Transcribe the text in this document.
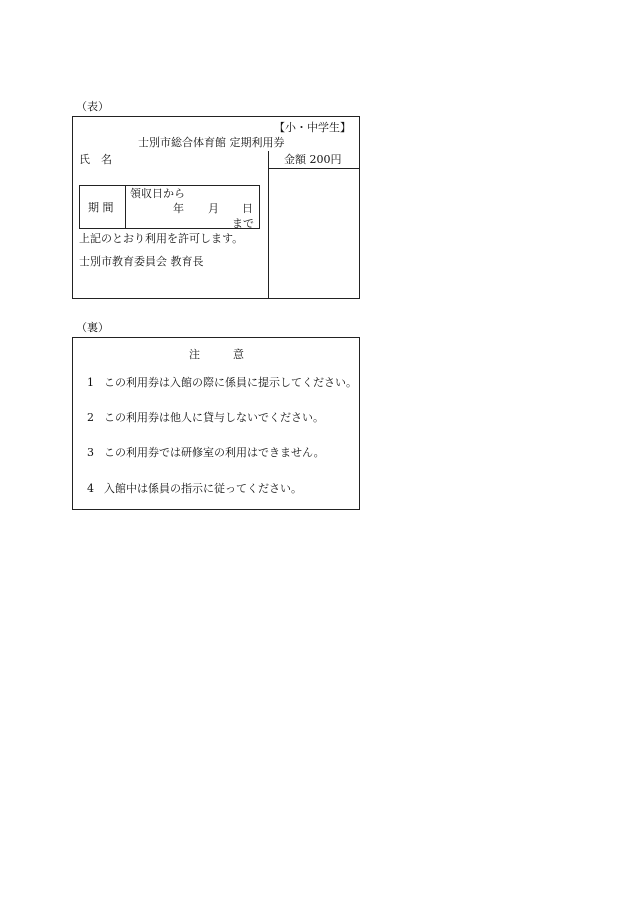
（表）
【小・中学生】
士別市総合体育館 定期利用券
氏　名	金額 200円
期 間
領収日から
年 月 日
まで
上記のとおり利用を許可します。
士別市教育委員会 教育長
（裏）
注　　　意
1 この利用券は入館の際に係員に提示してください。
2 この利用券は他人に貸与しないでください。
3 この利用券では研修室の利用はできません。
4 入館中は係員の指示に従ってください。
